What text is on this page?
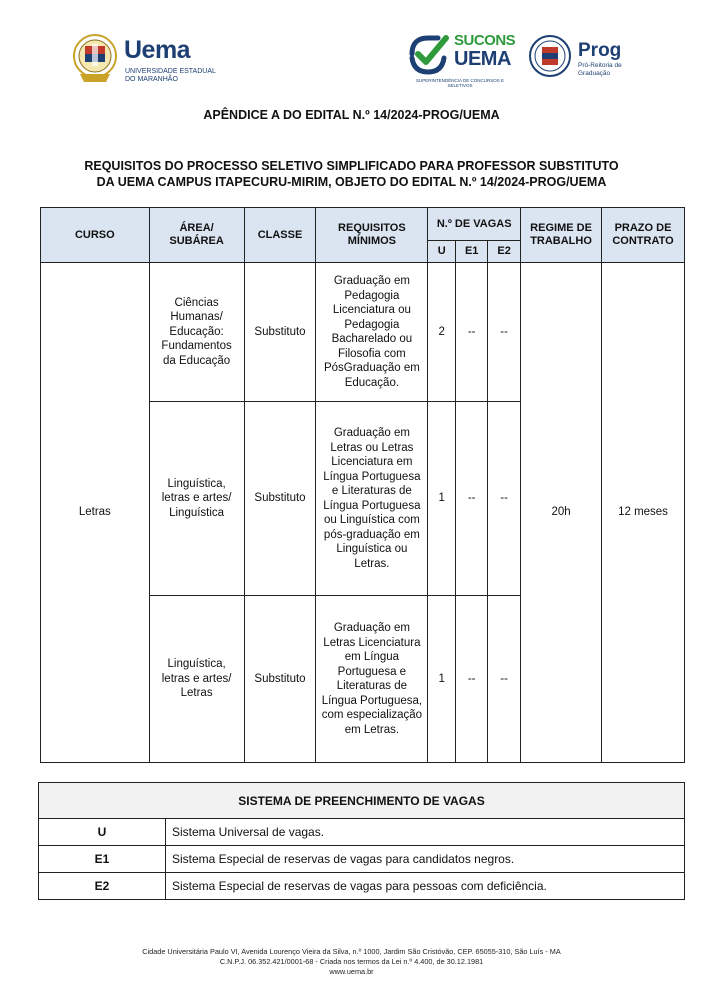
Uema
UNIVERSIDADE ESTADUAL DO MARANHÃO
SUCONS
UEMA
SUPERINTENDÊNCIA DE CONCURSOS E SELETIVOS
Prog
Pró-Reitoria de Graduação
APÊNDICE A DO EDITAL N.º 14/2024-PROG/UEMA
REQUISITOS DO PROCESSO SELETIVO SIMPLIFICADO PARA PROFESSOR SUBSTITUTO
DA UEMA CAMPUS ITAPECURU-MIRIM, OBJETO DO EDITAL N.º 14/2024-PROG/UEMA
CURSO	ÁREA/ SUBÁREA	CLASSE	REQUISITOS MÍNIMOS	N.º DE VAGAS			REGIME DE TRABALHO	PRAZO DE CONTRATO
				U	E1	E2		
Letras	Ciências Humanas/ Educação: Fundamentos da Educação	Substituto	Graduação em Pedagogia Licenciatura ou Pedagogia Bacharelado ou Filosofia com PósGraduação em Educação.	2	--	--	20h	12 meses
	Linguística, letras e artes/ Linguística	Substituto	Graduação em Letras ou Letras Licenciatura em Língua Portuguesa e Literaturas de Língua Portuguesa ou Linguística com pós-graduação em Linguística ou Letras.	1	--	--		
	Linguística, letras e artes/ Letras	Substituto	Graduação em Letras Licenciatura em Língua Portuguesa e Literaturas de Língua Portuguesa, com especialização em Letras.	1	--	--		
SISTEMA DE PREENCHIMENTO DE VAGAS	
U	Sistema Universal de vagas.
E1	Sistema Especial de reservas de vagas para candidatos negros.
E2	Sistema Especial de reservas de vagas para pessoas com deficiência.
Cidade Universitária Paulo VI, Avenida Lourenço Vieira da Silva, n.º 1000, Jardim São Cristóvão, CEP. 65055-310, São Luís - MA
C.N.P.J. 06.352.421/0001-68 - Criada nos termos da Lei n.º 4.400, de 30.12.1981
www.uema.br
